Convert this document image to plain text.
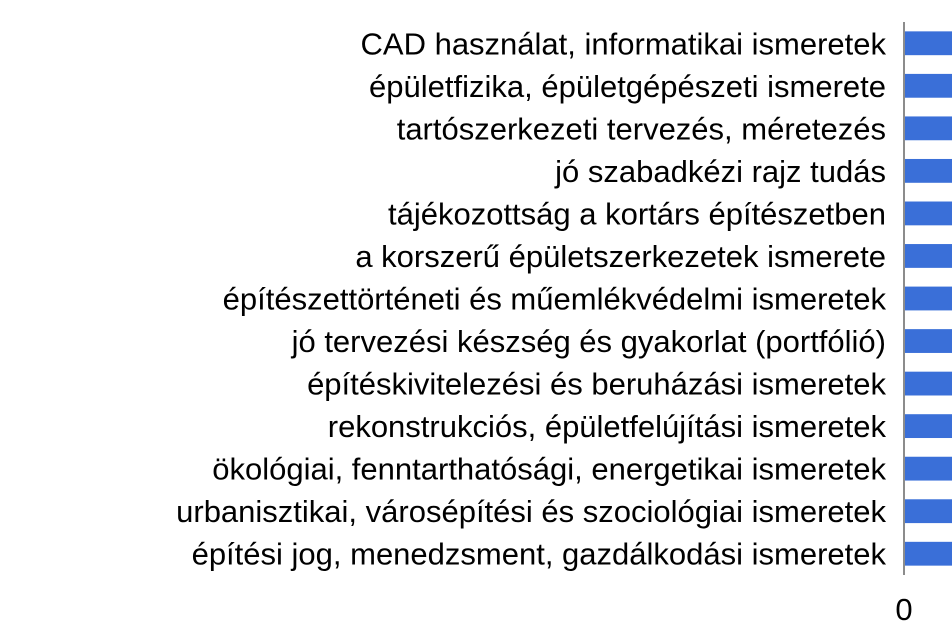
CAD használat, informatikai ismeretek
épületfizika, épületgépészeti ismerete
tartószerkezeti tervezés, méretezés
jó szabadkézi rajz tudás
tájékozottság a kortárs építészetben
a korszerű épületszerkezetek ismerete
építészettörténeti és műemlékvédelmi ismeretek
jó tervezési készség és gyakorlat (portfólió)
építéskivitelezési és beruházási ismeretek
rekonstrukciós, épületfelújítási ismeretek
ökológiai, fenntarthatósági, energetikai ismeretek
urbanisztikai, városépítési és szociológiai ismeretek
építési jog, menedzsment, gazdálkodási ismeretek
0
